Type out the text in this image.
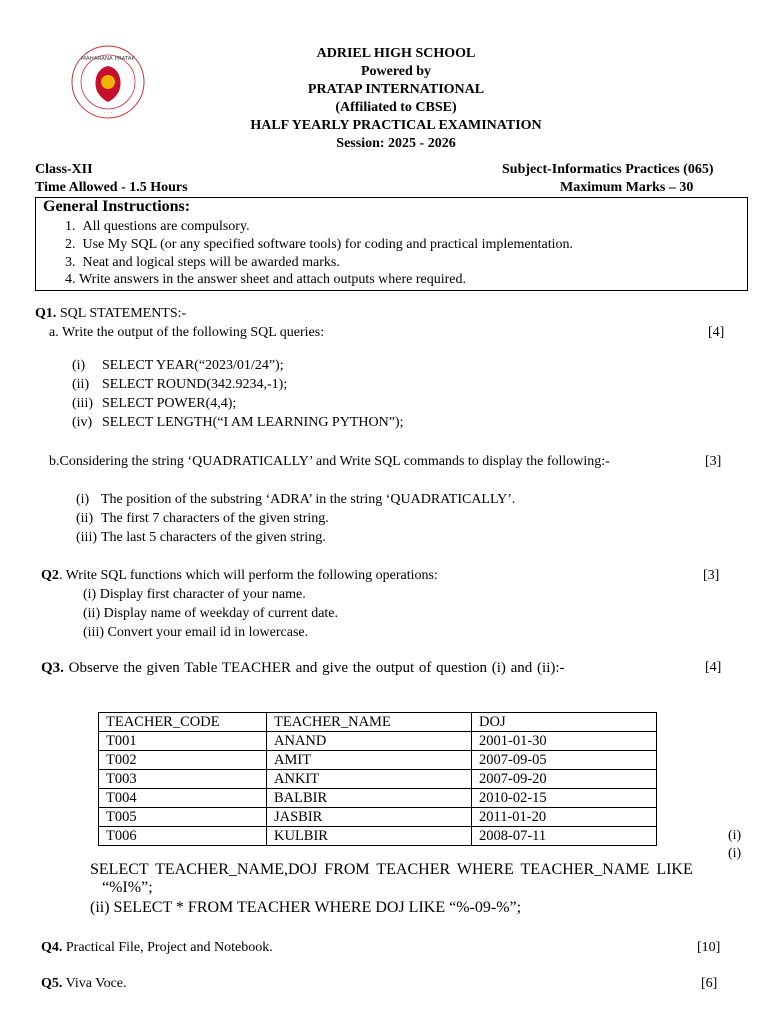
MAHARANA PRATAP
· · ·
ADRIEL HIGH SCHOOL
Powered by
PRATAP INTERNATIONAL
(Affiliated to CBSE)
HALF YEARLY PRACTICAL EXAMINATION
Session: 2025 - 2026
Class-XII	Subject-Informatics Practices (065)
Time Allowed - 1.5 Hours	Maximum Marks – 30
General Instructions:
1. All questions are compulsory.
2. Use My SQL (or any specified software tools) for coding and practical implementation.
3. Neat and logical steps will be awarded marks.
4. Write answers in the answer sheet and attach outputs where required.
Q1. SQL STATEMENTS:-
a. Write the output of the following SQL queries:	[4]
(i) SELECT YEAR(“2023/01/24”);
(ii) SELECT ROUND(342.9234,-1);
(iii) SELECT POWER(4,4);
(iv) SELECT LENGTH(“I AM LEARNING PYTHON”);
b.Considering the string ‘QUADRATICALLY’ and Write SQL commands to display the following:-	[3]
(i) The position of the substring ‘ADRA’ in the string ‘QUADRATICALLY’.
(ii) The first 7 characters of the given string.
(iii) The last 5 characters of the given string.
Q2. Write SQL functions which will perform the following operations:	[3]
(i) Display first character of your name.
(ii) Display name of weekday of current date.
(iii) Convert your email id in lowercase.
Q3. Observe the given Table TEACHER and give the output of question (i) and (ii):-	[4]
TEACHER_CODE	TEACHER_NAME	DOJ
T001	ANAND	2001-01-30
T002	AMIT	2007-09-05
T003	ANKIT	2007-09-20
T004	BALBIR	2010-02-15
T005	JASBIR	2011-01-20
T006	KULBIR	2008-07-11	(i)
(i)
SELECT TEACHER_NAME,DOJ FROM TEACHER WHERE TEACHER_NAME LIKE
“%I%”;
(ii) SELECT * FROM TEACHER WHERE DOJ LIKE “%-09-%”;
Q4. Practical File, Project and Notebook.	[10]
Q5. Viva Voce.	[6]
